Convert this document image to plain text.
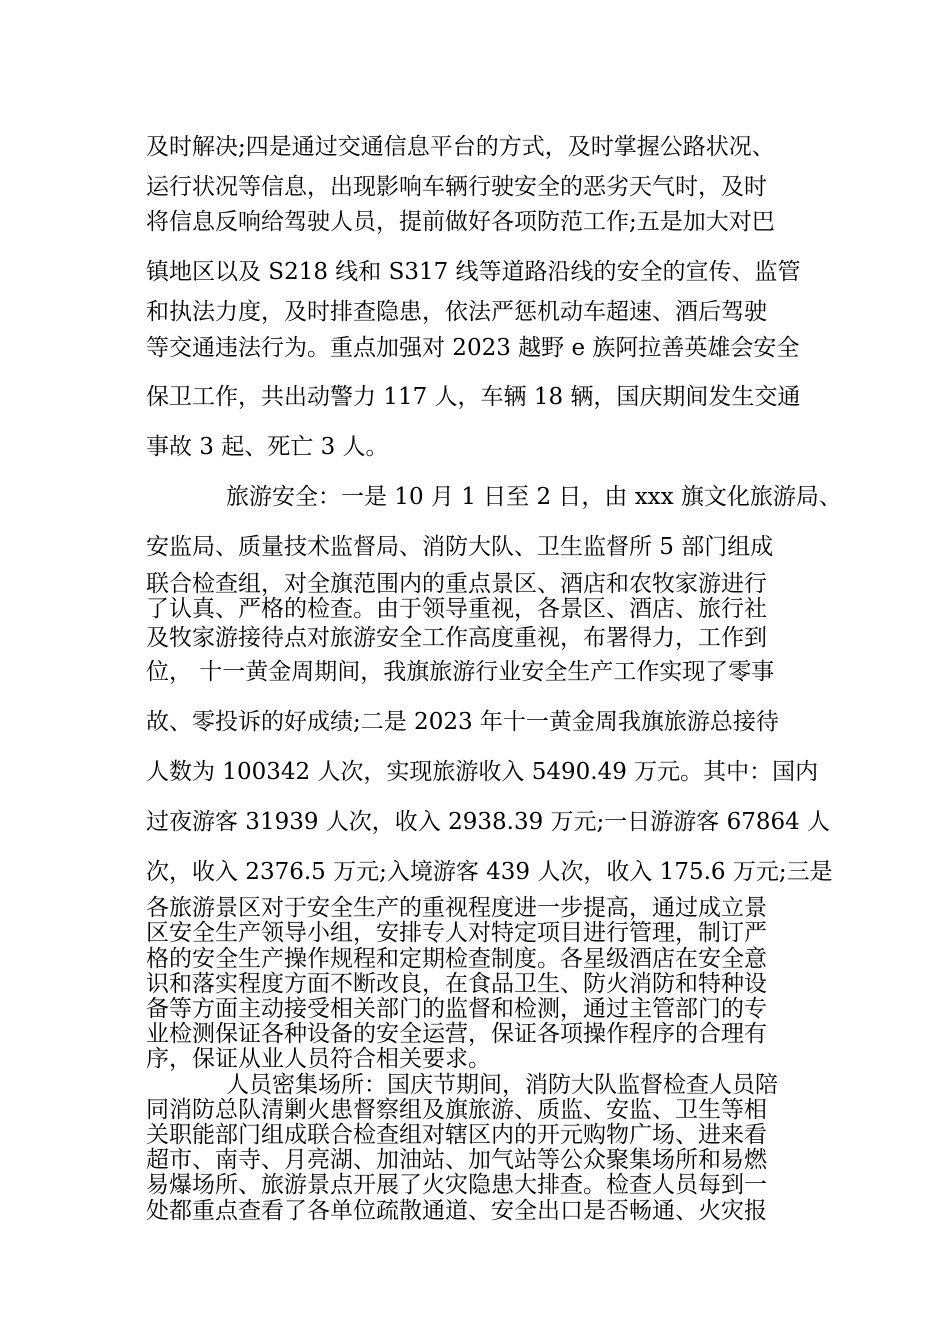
及时解决;四是通过交通信息平台的方式，及时掌握公路状况、
运行状况等信息，出现影响车辆行驶安全的恶劣天气时，及时
将信息反响给驾驶人员，提前做好各项防范工作;五是加大对巴
镇地区以及 S218 线和 S317 线等道路沿线的安全的宣传、监管
和执法力度，及时排查隐患，依法严惩机动车超速、酒后驾驶
等交通违法行为。重点加强对 2023 越野 e 族阿拉善英雄会安全
保卫工作，共出动警力 117 人，车辆 18 辆，国庆期间发生交通
事故 3 起、死亡 3 人。
旅游安全：一是 10 月 1 日至 2 日，由 xxx 旗文化旅游局、
安监局、质量技术监督局、消防大队、卫生监督所 5 部门组成
联合检查组，对全旗范围内的重点景区、酒店和农牧家游进行
了认真、严格的检查。由于领导重视，各景区、酒店、旅行社
及牧家游接待点对旅游安全工作高度重视，布署得力，工作到
位， 十一黄金周期间，我旗旅游行业安全生产工作实现了零事
故、零投诉的好成绩;二是 2023 年十一黄金周我旗旅游总接待
人数为 100342 人次，实现旅游收入 5490.49 万元。其中：国内
过夜游客 31939 人次，收入 2938.39 万元;一日游游客 67864 人
次，收入 2376.5 万元;入境游客 439 人次，收入 175.6 万元;三是
各旅游景区对于安全生产的重视程度进一步提高，通过成立景
区安全生产领导小组，安排专人对特定项目进行管理，制订严
格的安全生产操作规程和定期检查制度。各星级酒店在安全意
识和落实程度方面不断改良，在食品卫生、防火消防和特种设
备等方面主动接受相关部门的监督和检测，通过主管部门的专
业检测保证各种设备的安全运营，保证各项操作程序的合理有
序，保证从业人员符合相关要求。
人员密集场所：国庆节期间，消防大队监督检查人员陪
同消防总队清剿火患督察组及旗旅游、质监、安监、卫生等相
关职能部门组成联合检查组对辖区内的开元购物广场、进来看
超市、南寺、月亮湖、加油站、加气站等公众聚集场所和易燃
易爆场所、旅游景点开展了火灾隐患大排查。检查人员每到一
处都重点查看了各单位疏散通道、安全出口是否畅通、火灾报
